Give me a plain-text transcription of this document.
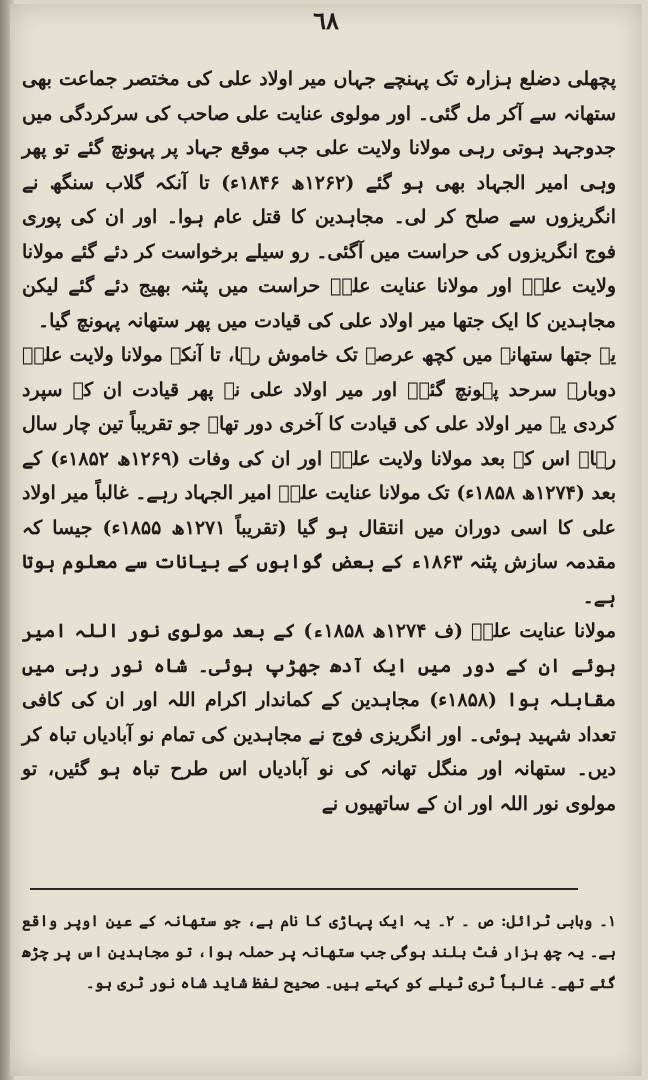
٦٨

پچھلی دضلع ہزارہ تک پہنچے جہاں میر اولاد علی کی مختصر جماعت بھی ستھانہ سے آکر مل گئی۔ اور مولوی عنایت علی صاحب کی سرکردگی میں جدوجہد ہوتی رہی مولانا ولایت علی جب موقع جہاد پر پہونچ گئے تو پھر وہی امیر الجہاد بھی ہو گئے (۱۲۶۲ھ ۱۸۴۶ء) تا آنکہ گلاب سنگھ نے انگریزوں سے صلح کر لی۔ مجاہدین کا قتل عام ہوا۔ اور ان کی پوری فوج انگریزوں کی حراست میں آگئی۔ رو سیلے برخواست کر دئے گئے مولانا ولایت علیؒ اور مولانا عنایت علیؒ حراست میں پٹنہ بھیج دئے گئے لیکن مجاہدین کا ایک جتھا میر اولاد علی کی قیادت میں پھر ستھانہ پہونچ گیا۔

یہ جتھا ستھانہ میں کچھ عرصہ تک خاموش رہا، تا آنکہ مولانا ولایت علیؒ دوبارہ سرحد پہونچ گئے۔ اور میر اولاد علی نے پھر قیادت ان کے سپرد کردی یہ میر اولاد علی کی قیادت کا آخری دور تھا۔ جو تقریباً تین چار سال رہا۔ اس کے بعد مولانا ولایت علیؒ اور ان کی وفات (۱۲۶۹ھ ۱۸۵۲ء) کے بعد (۱۲۷۴ھ ۱۸۵۸ء) تک مولانا عنایت علیؒ امیر الجہاد رہے۔ غالباً میر اولاد علی کا اسی دوران میں انتقال ہو گیا (تقریباً ۱۲۷۱ھ ۱۸۵۵ء) جیسا کہ مقدمہ سازش پٹنہ ۱۸۶۳ء کے بعض گواہوں کے بیانات سے معلوم ہوتا ہے۔

مولانا عنایت علیؒ (ف ۱۲۷۴ھ ۱۸۵۸ء) کے بعد مولوی نور اللہ امیر ہوئے ان کے دور میں ایک آدھ جھڑپ ہوئی۔ شاہ نور رہی میں مقابلہ ہوا (۱۸۵۸ء) مجاہدین کے کماندار اکرام اللہ اور ان کی کافی تعداد شہید ہوئی۔ اور انگریزی فوج نے مجاہدین کی تمام نو آبادیاں تباہ کر دیں۔ ستھانہ اور منگل تھانہ کی نو آبادیاں اس طرح تباہ ہو گئیں، تو مولوی نور اللہ اور ان کے ساتھیوں نے

۱۔ وہابی ٹرائل: ص ۔ ۲۔ یہ ایک پہاڑی کا نام ہے، جو ستھانہ کے عین اوپر واقع ہے۔ یہ چھ ہزار فٹ بلند ہوگی جب ستھانہ پر حملہ ہوا، تو مجاہدین اس پر چڑھ گئے تھے۔ غالباً ٹری ٹیلے کو کہتے ہیں۔ صحیح لفظ شاید شاہ نور ٹری ہو۔
